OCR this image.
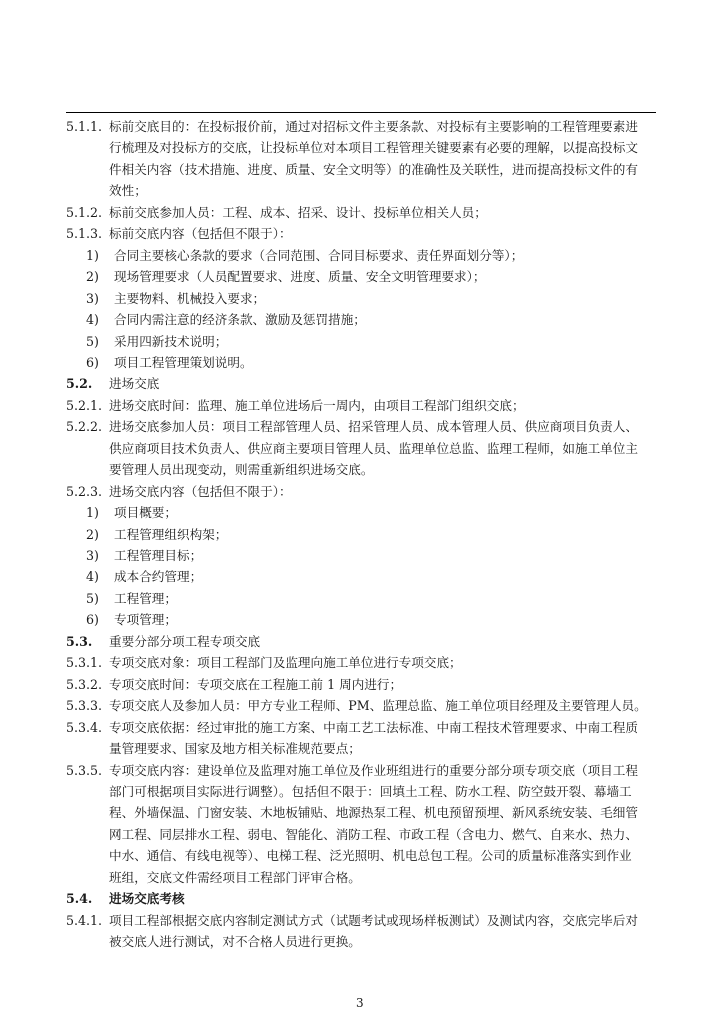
5.1.1. 标前交底目的：在投标报价前，通过对招标文件主要条款、对投标有主要影响的工程管理要素进
行梳理及对投标方的交底，让投标单位对本项目工程管理关键要素有必要的理解，以提高投标文
件相关内容（技术措施、进度、质量、安全文明等）的准确性及关联性，进而提高投标文件的有
效性；
5.1.2. 标前交底参加人员：工程、成本、招采、设计、投标单位相关人员；
5.1.3. 标前交底内容（包括但不限于）：
1) 合同主要核心条款的要求（合同范围、合同目标要求、责任界面划分等）；
2) 现场管理要求（人员配置要求、进度、质量、安全文明管理要求）；
3) 主要物料、机械投入要求；
4) 合同内需注意的经济条款、激励及惩罚措施；
5) 采用四新技术说明；
6) 项目工程管理策划说明。
5.2. 进场交底
5.2.1. 进场交底时间：监理、施工单位进场后一周内，由项目工程部门组织交底；
5.2.2. 进场交底参加人员：项目工程部管理人员、招采管理人员、成本管理人员、供应商项目负责人、
供应商项目技术负责人、供应商主要项目管理人员、监理单位总监、监理工程师，如施工单位主
要管理人员出现变动，则需重新组织进场交底。
5.2.3. 进场交底内容（包括但不限于）：
1) 项目概要；
2) 工程管理组织构架；
3) 工程管理目标；
4) 成本合约管理；
5) 工程管理；
6) 专项管理；
5.3. 重要分部分项工程专项交底
5.3.1. 专项交底对象：项目工程部门及监理向施工单位进行专项交底；
5.3.2. 专项交底时间：专项交底在工程施工前 1 周内进行；
5.3.3. 专项交底人及参加人员：甲方专业工程师、PM、监理总监、施工单位项目经理及主要管理人员。
5.3.4. 专项交底依据：经过审批的施工方案、中南工艺工法标准、中南工程技术管理要求、中南工程质
量管理要求、国家及地方相关标准规范要点；
5.3.5. 专项交底内容：建设单位及监理对施工单位及作业班组进行的重要分部分项专项交底（项目工程
部门可根据项目实际进行调整）。包括但不限于：回填土工程、防水工程、防空鼓开裂、幕墙工
程、外墙保温、门窗安装、木地板铺贴、地源热泵工程、机电预留预埋、新风系统安装、毛细管
网工程、同层排水工程、弱电、智能化、消防工程、市政工程（含电力、燃气、自来水、热力、
中水、通信、有线电视等）、电梯工程、泛光照明、机电总包工程。公司的质量标准落实到作业
班组，交底文件需经项目工程部门评审合格。
5.4. 进场交底考核
5.4.1. 项目工程部根据交底内容制定测试方式（试题考试或现场样板测试）及测试内容，交底完毕后对
被交底人进行测试，对不合格人员进行更换。
3
